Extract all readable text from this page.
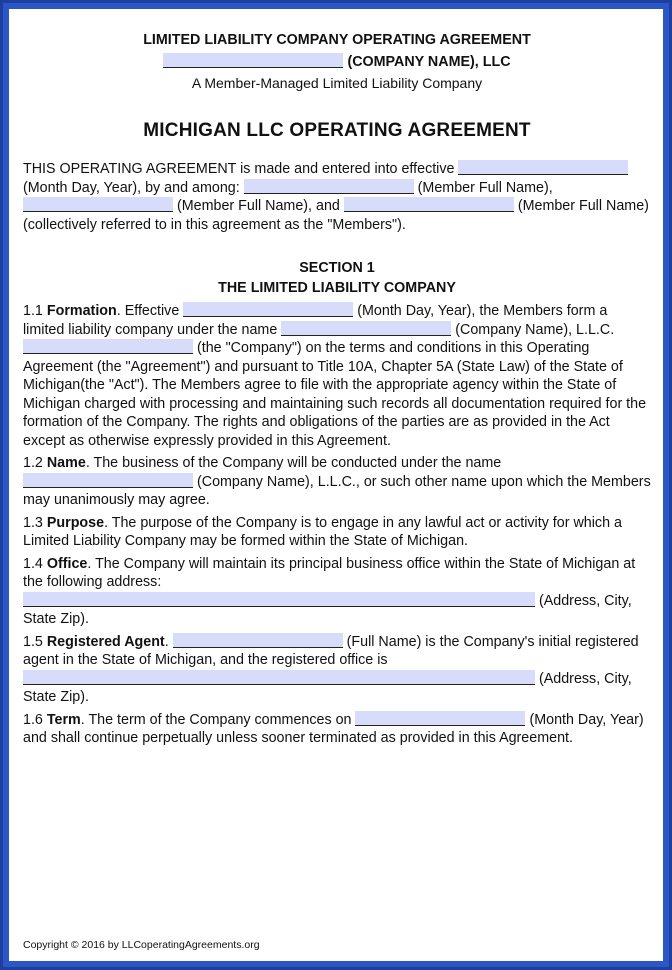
LIMITED LIABILITY COMPANY OPERATING AGREEMENT
(COMPANY NAME), LLC
A Member-Managed Limited Liability Company
MICHIGAN LLC OPERATING AGREEMENT

THIS OPERATING AGREEMENT is made and entered into effective  (Month Day, Year), by and among:	(Member Full Name),  (Member Full Name), and	(Member Full Name) (collectively referred to in this agreement as the "Members").

SECTION 1
THE LIMITED LIABILITY COMPANY

1.1 Formation. Effective	(Month Day, Year), the Members form a limited liability company under the name	(Company Name), L.L.C.  (the "Company") on the terms and conditions in this Operating Agreement (the "Agreement") and pursuant to Title 10A, Chapter 5A (State Law) of the State of Michigan(the "Act"). The Members agree to file with the appropriate agency within the State of Michigan charged with processing and maintaining such records all documentation required for the formation of the Company. The rights and obligations of the parties are as provided in the Act except as otherwise expressly provided in this Agreement.

1.2 Name. The business of the Company will be conducted under the name  (Company Name), L.L.C., or such other name upon which the Members may unanimously may agree.

1.3 Purpose. The purpose of the Company is to engage in any lawful act or activity for which a Limited Liability Company may be formed within the State of Michigan.

1.4 Office. The Company will maintain its principal business office within the State of Michigan at the following address:  (Address, City, State Zip).

1.5 Registered Agent.	(Full Name) is the Company's initial registered agent in the State of Michigan, and the registered office is  (Address, City, State Zip).

1.6 Term. The term of the Company commences on	(Month Day, Year) and shall continue perpetually unless sooner terminated as provided in this Agreement.

Copyright © 2016 by LLCoperatingAgreements.org
